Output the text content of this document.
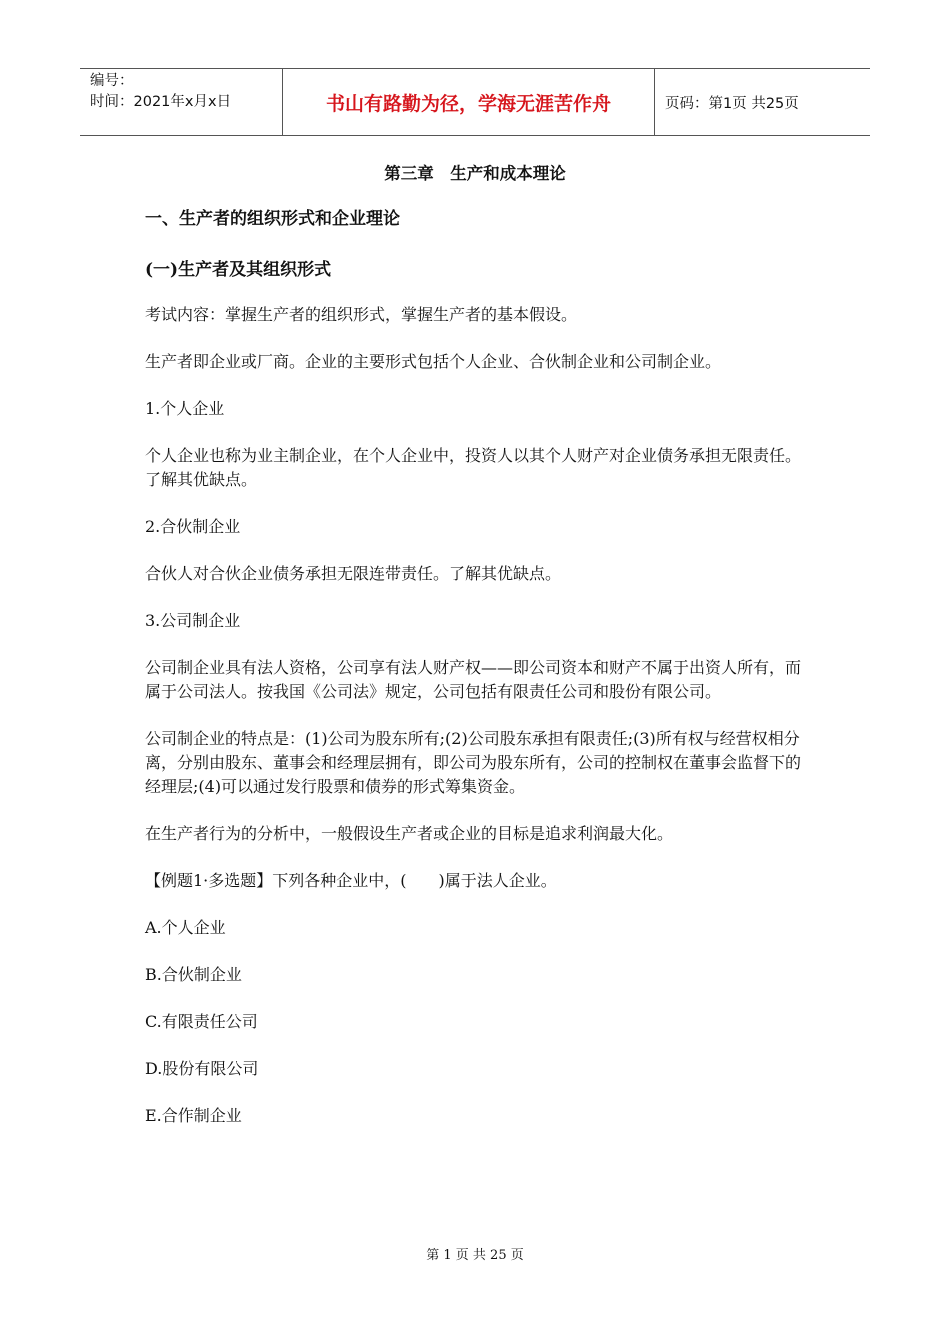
编号：
时间：2021年x月x日	书山有路勤为径，学海无涯苦作舟	页码：第1页 共25页
第三章　生产和成本理论
一、生产者的组织形式和企业理论
(一)生产者及其组织形式

考试内容：掌握生产者的组织形式，掌握生产者的基本假设。

生产者即企业或厂商。企业的主要形式包括个人企业、合伙制企业和公司制企业。

1.个人企业

个人企业也称为业主制企业，在个人企业中，投资人以其个人财产对企业债务承担无限责任。了解其优缺点。

2.合伙制企业

合伙人对合伙企业债务承担无限连带责任。了解其优缺点。

3.公司制企业

公司制企业具有法人资格，公司享有法人财产权——即公司资本和财产不属于出资人所有，而属于公司法人。按我国《公司法》规定，公司包括有限责任公司和股份有限公司。

公司制企业的特点是：(1)公司为股东所有;(2)公司股东承担有限责任;(3)所有权与经营权相分离，分别由股东、董事会和经理层拥有，即公司为股东所有，公司的控制权在董事会监督下的经理层;(4)可以通过发行股票和债券的形式筹集资金。

在生产者行为的分析中，一般假设生产者或企业的目标是追求利润最大化。

【例题1·多选题】下列各种企业中，(　　)属于法人企业。

A.个人企业

B.合伙制企业

C.有限责任公司

D.股份有限公司

E.合作制企业

第 1 页 共 25 页
